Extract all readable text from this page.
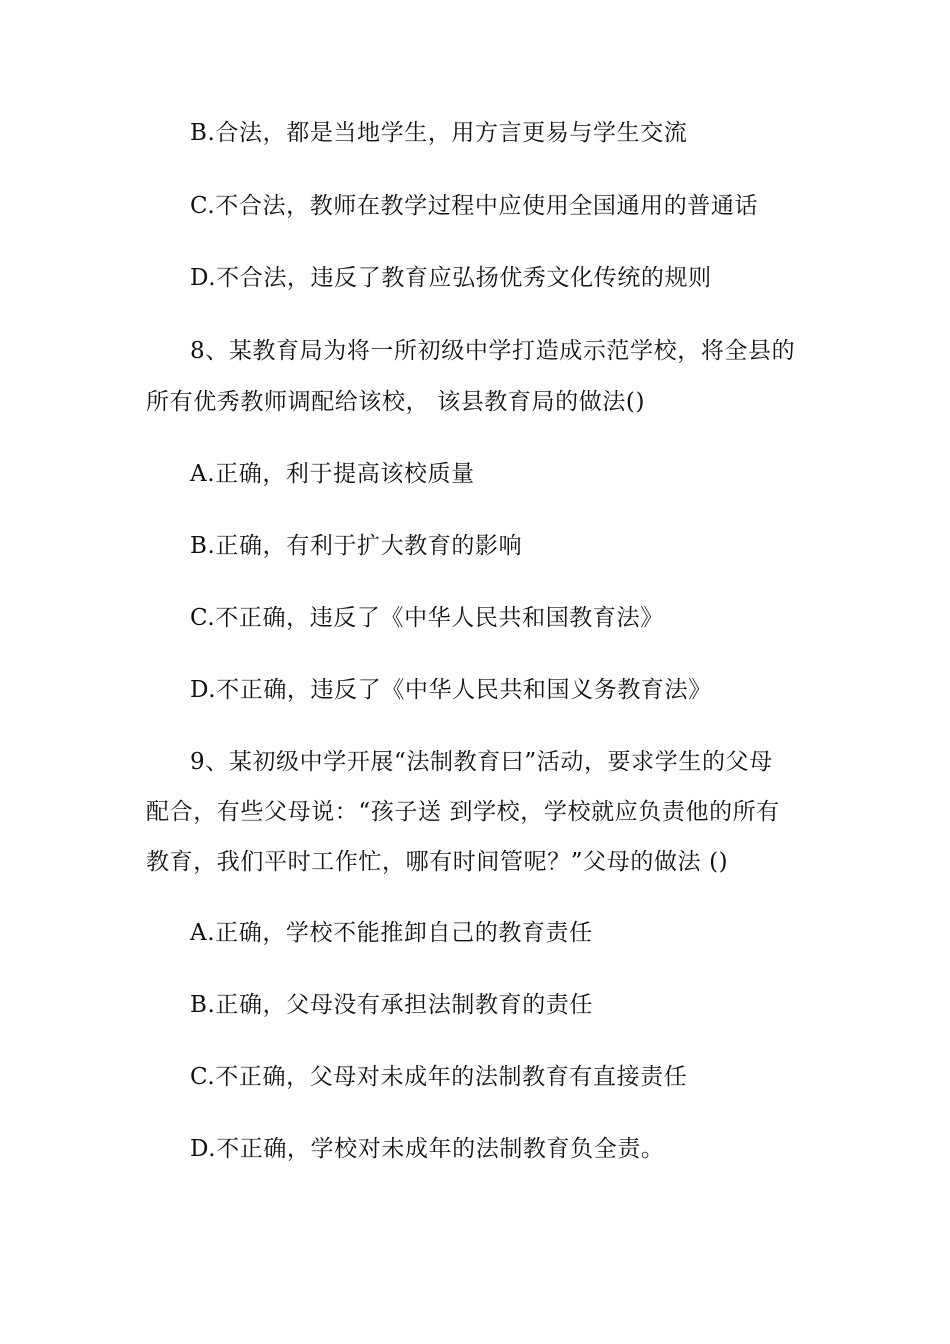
B.合法，都是当地学生，用方言更易与学生交流
C.不合法，教师在教学过程中应使用全国通用的普通话
D.不合法，违反了教育应弘扬优秀文化传统的规则
8、某教育局为将一所初级中学打造成示范学校，将全县的
所有优秀教师调配给该校， 该县教育局的做法()
A.正确，利于提高该校质量
B.正确，有利于扩大教育的影响
C.不正确，违反了《中华人民共和国教育法》
D.不正确，违反了《中华人民共和国义务教育法》
9、某初级中学开展“法制教育曰”活动，要求学生的父母
配合，有些父母说：“孩子送 到学校，学校就应负责他的所有
教育，我们平时工作忙，哪有时间管呢？”父母的做法 ()
A.正确，学校不能推卸自己的教育责任
B.正确，父母没有承担法制教育的责任
C.不正确，父母对未成年的法制教育有直接责任
D.不正确，学校对未成年的法制教育负全责。
